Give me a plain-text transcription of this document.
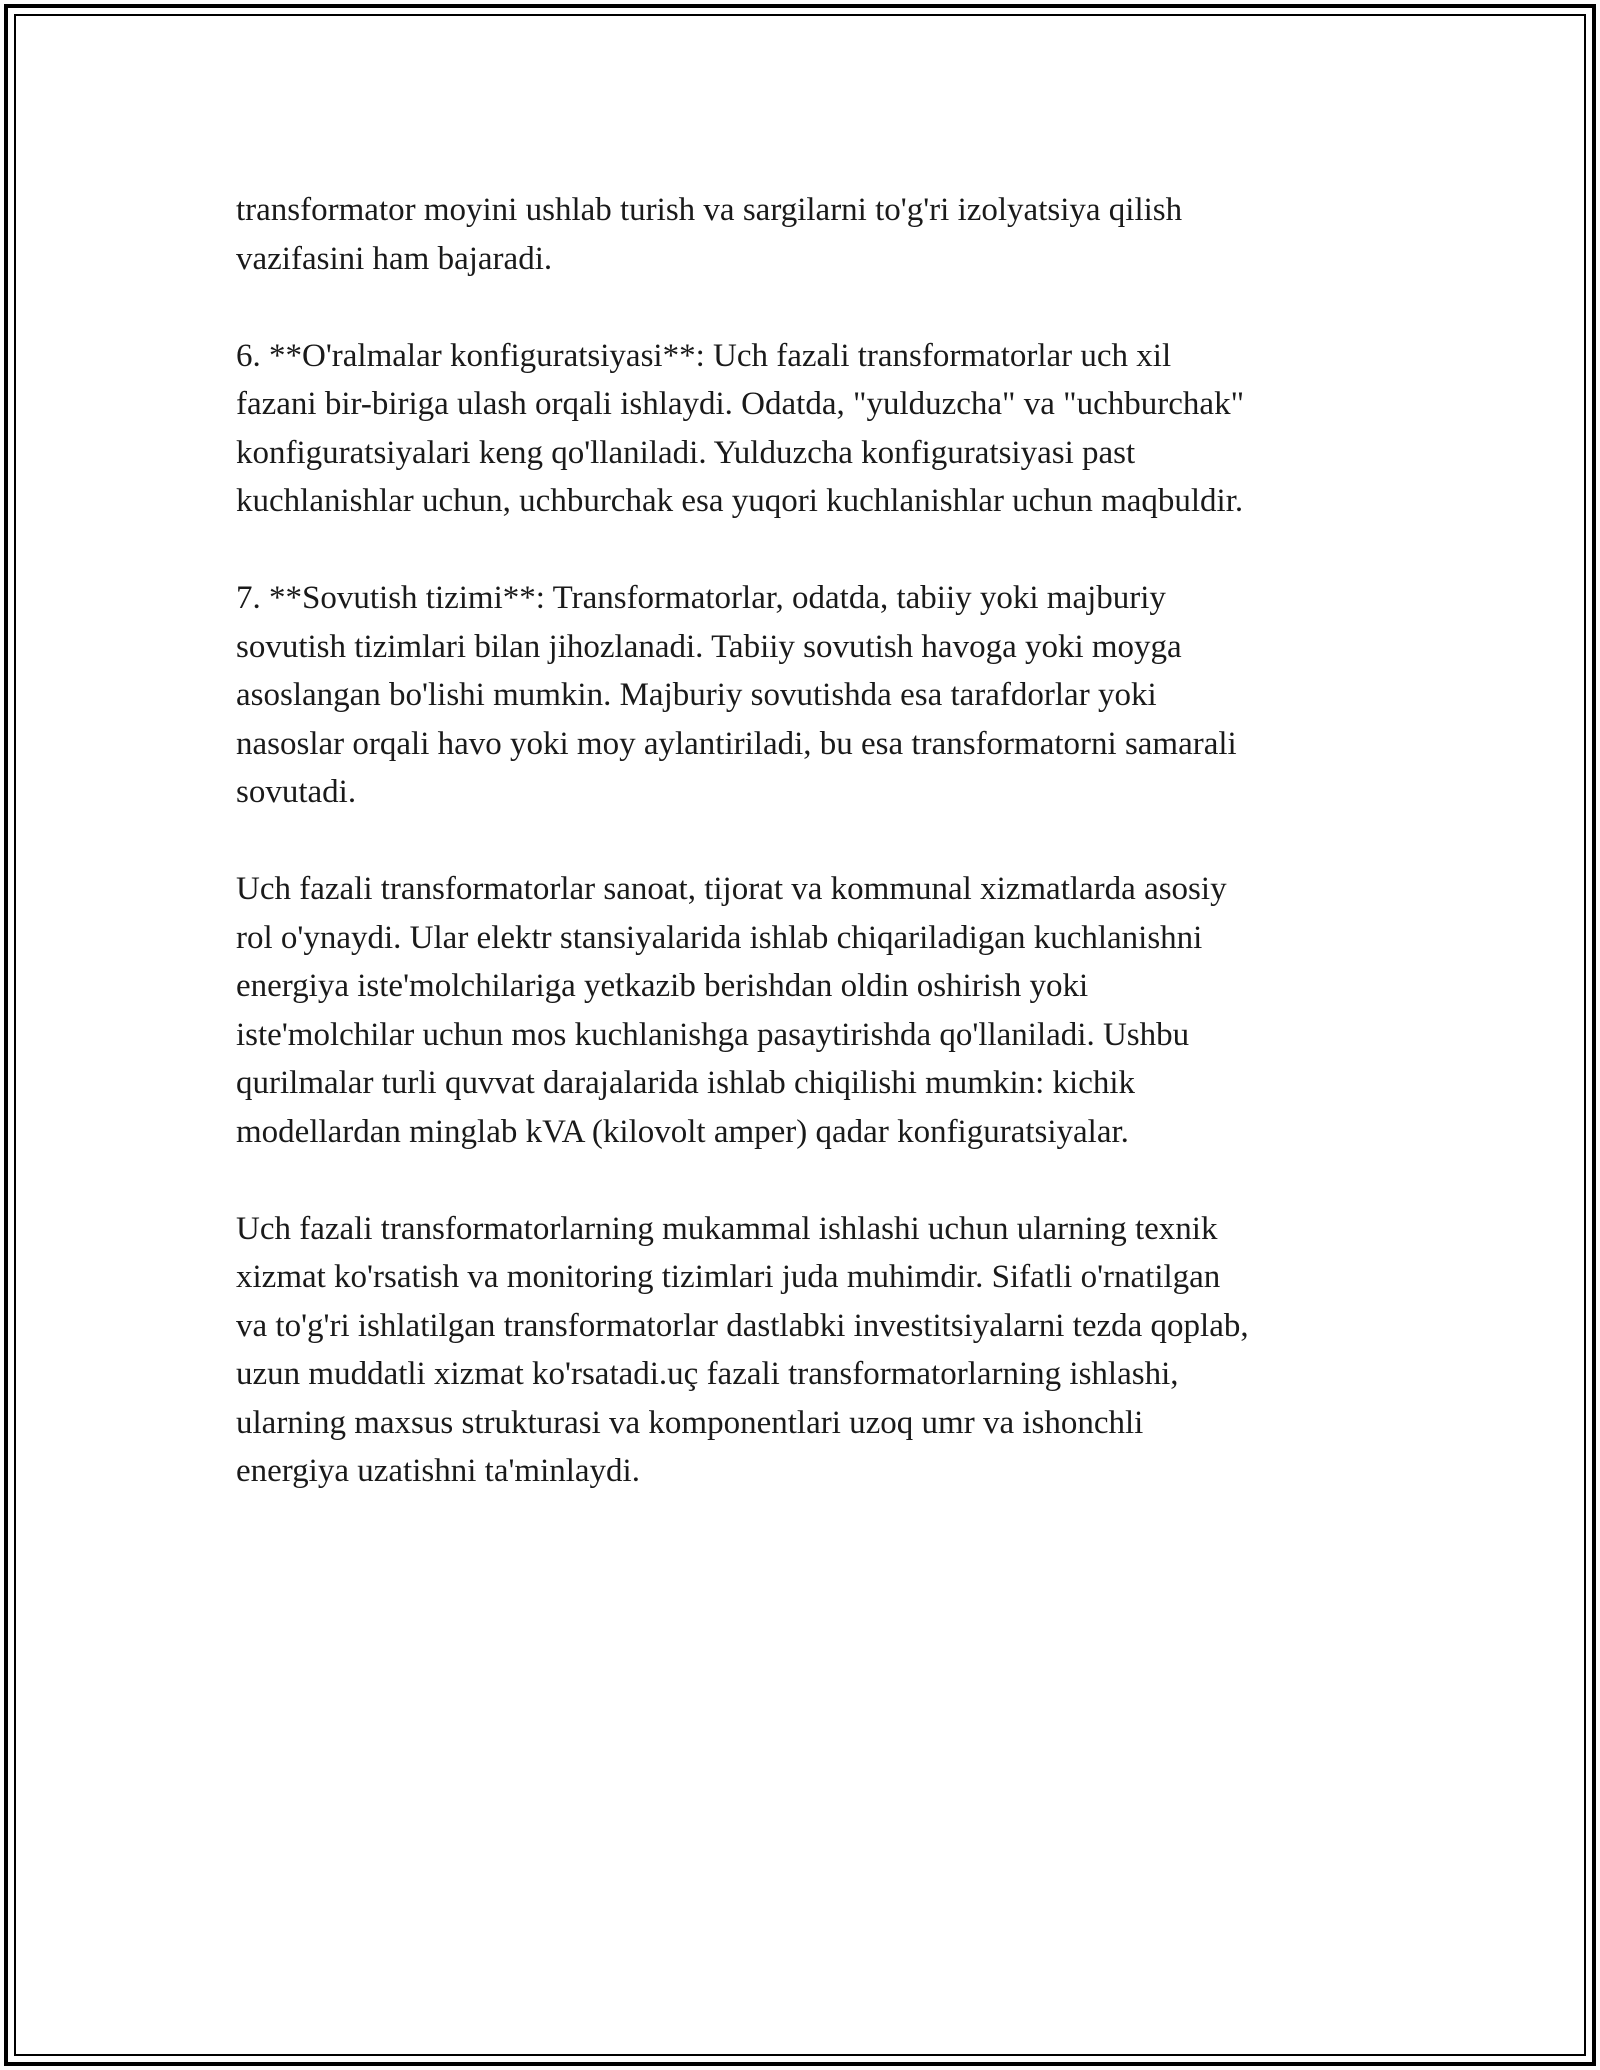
transformator moyini ushlab turish va sargilarni to'g'ri izolyatsiya qilish
vazifasini ham bajaradi.

6. **O'ralmalar konfiguratsiyasi**: Uch fazali transformatorlar uch xil
fazani bir-biriga ulash orqali ishlaydi. Odatda, "yulduzcha" va "uchburchak"
konfiguratsiyalari keng qo'llaniladi. Yulduzcha konfiguratsiyasi past
kuchlanishlar uchun, uchburchak esa yuqori kuchlanishlar uchun maqbuldir.

7. **Sovutish tizimi**: Transformatorlar, odatda, tabiiy yoki majburiy
sovutish tizimlari bilan jihozlanadi. Tabiiy sovutish havoga yoki moyga
asoslangan bo'lishi mumkin. Majburiy sovutishda esa tarafdorlar yoki
nasoslar orqali havo yoki moy aylantiriladi, bu esa transformatorni samarali
sovutadi.

Uch fazali transformatorlar sanoat, tijorat va kommunal xizmatlarda asosiy
rol o'ynaydi. Ular elektr stansiyalarida ishlab chiqariladigan kuchlanishni
energiya iste'molchilariga yetkazib berishdan oldin oshirish yoki
iste'molchilar uchun mos kuchlanishga pasaytirishda qo'llaniladi. Ushbu
qurilmalar turli quvvat darajalarida ishlab chiqilishi mumkin: kichik
modellardan minglab kVA (kilovolt amper) qadar konfiguratsiyalar.

Uch fazali transformatorlarning mukammal ishlashi uchun ularning texnik
xizmat ko'rsatish va monitoring tizimlari juda muhimdir. Sifatli o'rnatilgan
va to'g'ri ishlatilgan transformatorlar dastlabki investitsiyalarni tezda qoplab,
uzun muddatli xizmat ko'rsatadi.uç fazali transformatorlarning ishlashi,
ularning maxsus strukturasi va komponentlari uzoq umr va ishonchli
energiya uzatishni ta'minlaydi.
